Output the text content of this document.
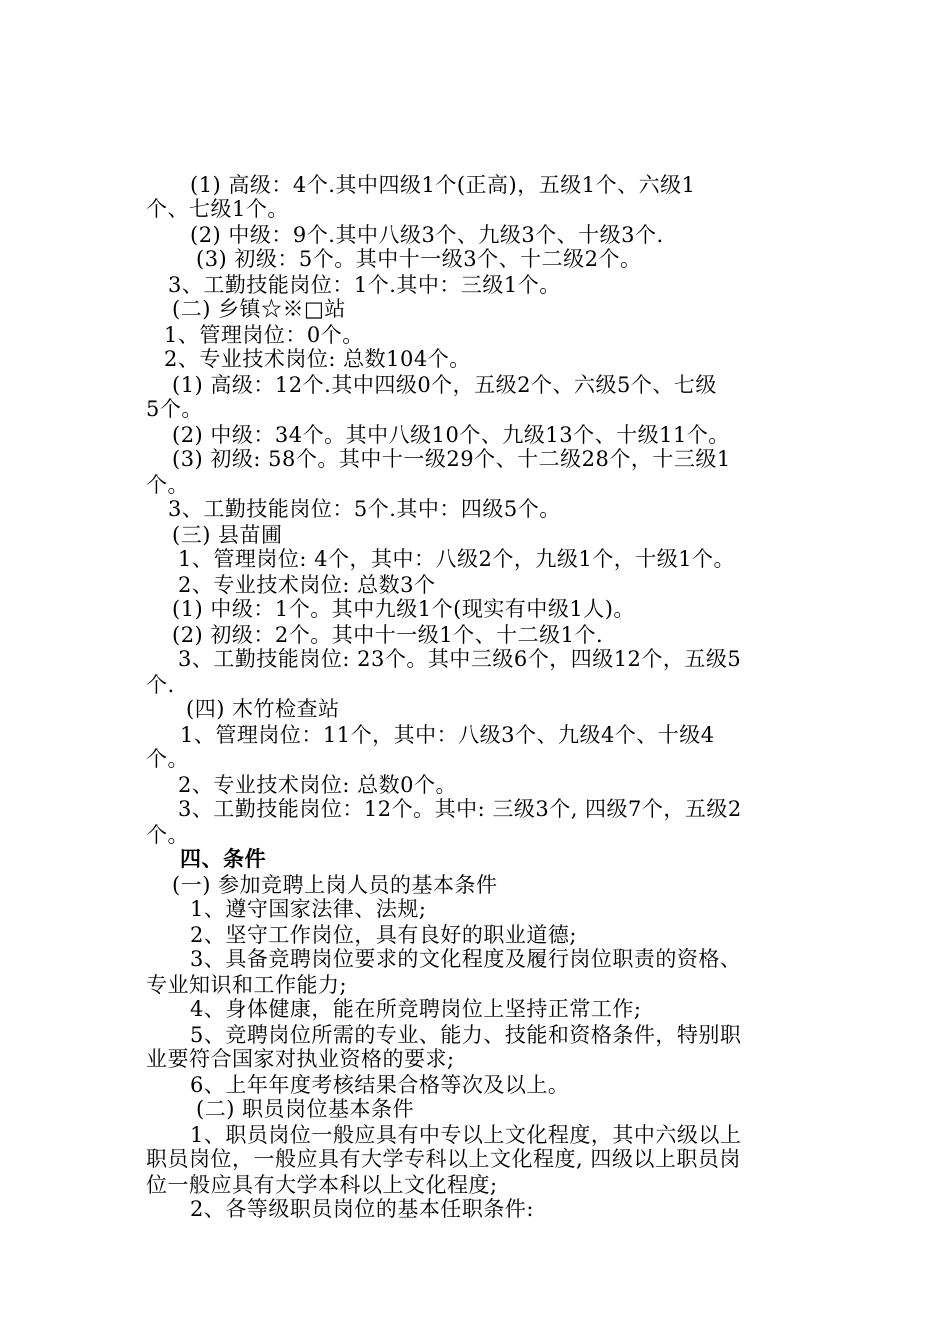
(1) 高级：4个.其中四级1个(正高)，五级1个、六级1
个、七级1个。
(2) 中级：9个.其中八级3个、九级3个、十级3个.
(3) 初级：5个。其中十一级3个、十二级2个。
3、工勤技能岗位：1个.其中：三级1个。
(二) 乡镇☆※□站
1、管理岗位：0个。
2、专业技术岗位: 总数104个。
(1) 高级：12个.其中四级0个，五级2个、六级5个、七级
5个。
(2) 中级：34个。其中八级10个、九级13个、十级11个。
(3) 初级: 58个。其中十一级29个、十二级28个，十三级1
个。
3、工勤技能岗位：5个.其中：四级5个。
(三) 县苗圃
1、管理岗位: 4个，其中：八级2个，九级1个，十级1个。
2、专业技术岗位: 总数3个
(1) 中级：1个。其中九级1个(现实有中级1人)。
(2) 初级：2个。其中十一级1个、十二级1个.
3、工勤技能岗位: 23个。其中三级6个，四级12个，五级5
个.
(四) 木竹检查站
1、管理岗位：11个，其中：八级3个、九级4个、十级4
个。
2、专业技术岗位: 总数0个。
3、工勤技能岗位：12个。其中: 三级3个, 四级7个，五级2
个。
四、条件
(一) 参加竞聘上岗人员的基本条件
1、遵守国家法律、法规;
2、坚守工作岗位，具有良好的职业道德;
3、具备竞聘岗位要求的文化程度及履行岗位职责的资格、
专业知识和工作能力;
4、身体健康，能在所竞聘岗位上坚持正常工作;
5、竞聘岗位所需的专业、能力、技能和资格条件，特别职
业要符合国家对执业资格的要求;
6、上年年度考核结果合格等次及以上。
(二) 职员岗位基本条件
1、职员岗位一般应具有中专以上文化程度，其中六级以上
职员岗位，一般应具有大学专科以上文化程度, 四级以上职员岗
位一般应具有大学本科以上文化程度;
2、各等级职员岗位的基本任职条件:
